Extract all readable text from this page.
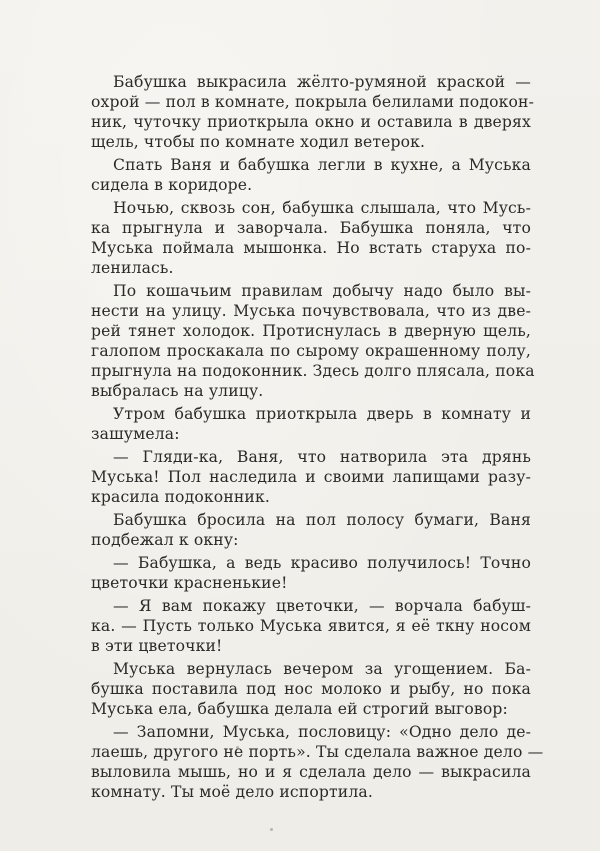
Бабушка выкрасила жёлто-румяной краской —
охрой — пол в комнате, покрыла белилами подокон-
ник, чуточку приоткрыла окно и оставила в дверях
щель, чтобы по комнате ходил ветерок.
Спать Ваня и бабушка легли в кухне, а Муська
сидела в коридоре.
Ночью, сквозь сон, бабушка слышала, что Мусь-
ка прыгнула и заворчала. Бабушка поняла, что
Муська поймала мышонка. Но встать старуха по-
ленилась.
По кошачьим правилам добычу надо было вы-
нести на улицу. Муська почувствовала, что из две-
рей тянет холодок. Протиснулась в дверную щель,
галопом проскакала по сырому окрашенному полу,
прыгнула на подоконник. Здесь долго плясала, пока
выбралась на улицу.
Утром бабушка приоткрыла дверь в комнату и
зашумела:
— Гляди-ка, Ваня, что натворила эта дрянь
Муська! Пол наследила и своими лапищами разу-
красила подоконник.
Бабушка бросила на пол полосу бумаги, Ваня
подбежал к окну:
— Бабушка, а ведь красиво получилось! Точно
цветочки красненькие!
— Я вам покажу цветочки, — ворчала бабуш-
ка. — Пусть только Муська явится, я её ткну носом
в эти цветочки!
Муська вернулась вечером за угощением. Ба-
бушка поставила под нос молоко и рыбу, но пока
Муська ела, бабушка делала ей строгий выговор:
— Запомни, Муська, пословицу: «Одно дело де-
лаешь, другого не порть». Ты сделала важное дело —
выловила мышь, но и я сделала дело — выкрасила
комнату. Ты моё дело испортила.
